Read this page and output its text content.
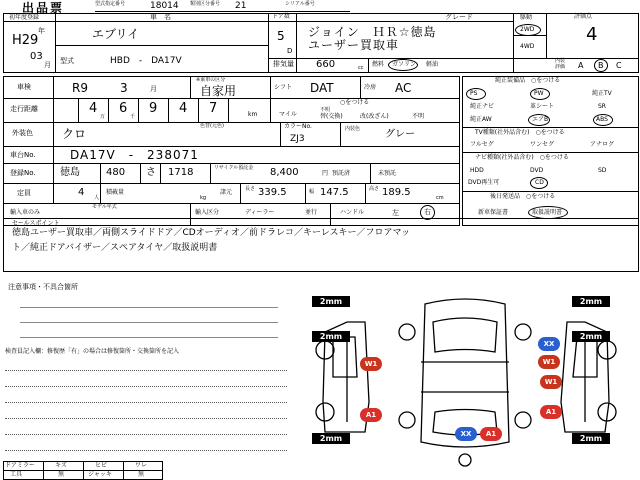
出品票	型式指定番号	18014 類別区分番号 21	シリアル番号
初年度登録
H29
年
03
月
車　名
エブリイ
型式	HBD　-　DA17V
ドア数
5
D
グレード
ジョイン　ＨＲ☆徳島
ユーザー買取車
駆動
2WD
4WD
評価点
4
排気量 660	cc 燃料 ガソリン 軽油	内装
評価 A B C
車検	R9	3	月
※乗車の区分
自家用	シフト DAT	冷房 AC
走行距離	4
万
6
千
9 4 7	km
○をつける
マイル
不明
替(交換)	改(改ざん)	不明
外装色 クロ
色替(元色)	カラーNo.
ZJ3
内装色 グレー
車台No.	DA17V　-　238071
登録No. 徳島	480 さ 1718	リサイクル預託金 8,400	円 預託済	未預託
定員	4 人
積載量
kg
諸元	長さ 339.5	幅 147.5	高さ 189.5	cm
輸入車のみ
モデル年式
輸入区分	ディーラー	並行	ハンドル	左	右
純正装備品　○をつける
PS	PW	純正TV
純正ナビ	革シート	SR
純正AW	エアB	ABS
TV種類(社外品含む)　○をつける
フルセグ	ワンセグ	アナログ
ナビ種類(社外品含む)　○をつける
HDD	DVD	SD
DVD再生可	CD
後日発送品　○をつける
新車保証書	取扱説明書
セールスポイント
徳島ユーザー買取車／両側スライドドア／CDオーディオ／前ドラレコ／キーレスキー／フロアマッ
ト／純正ドアバイザー／スペアタイヤ／取扱説明書
注意事項・不具合箇所
検査員記入欄：修復歴「有」の場合は修復箇所・交換箇所を記入
ドアミラー	キズ	ヒビ	ワレ
工具	無	ジャッキ	無
2mm	2mm
2mm	2mm
2mm	2mm
W1
A1
XX
W1
W1
A1
XX	A1
